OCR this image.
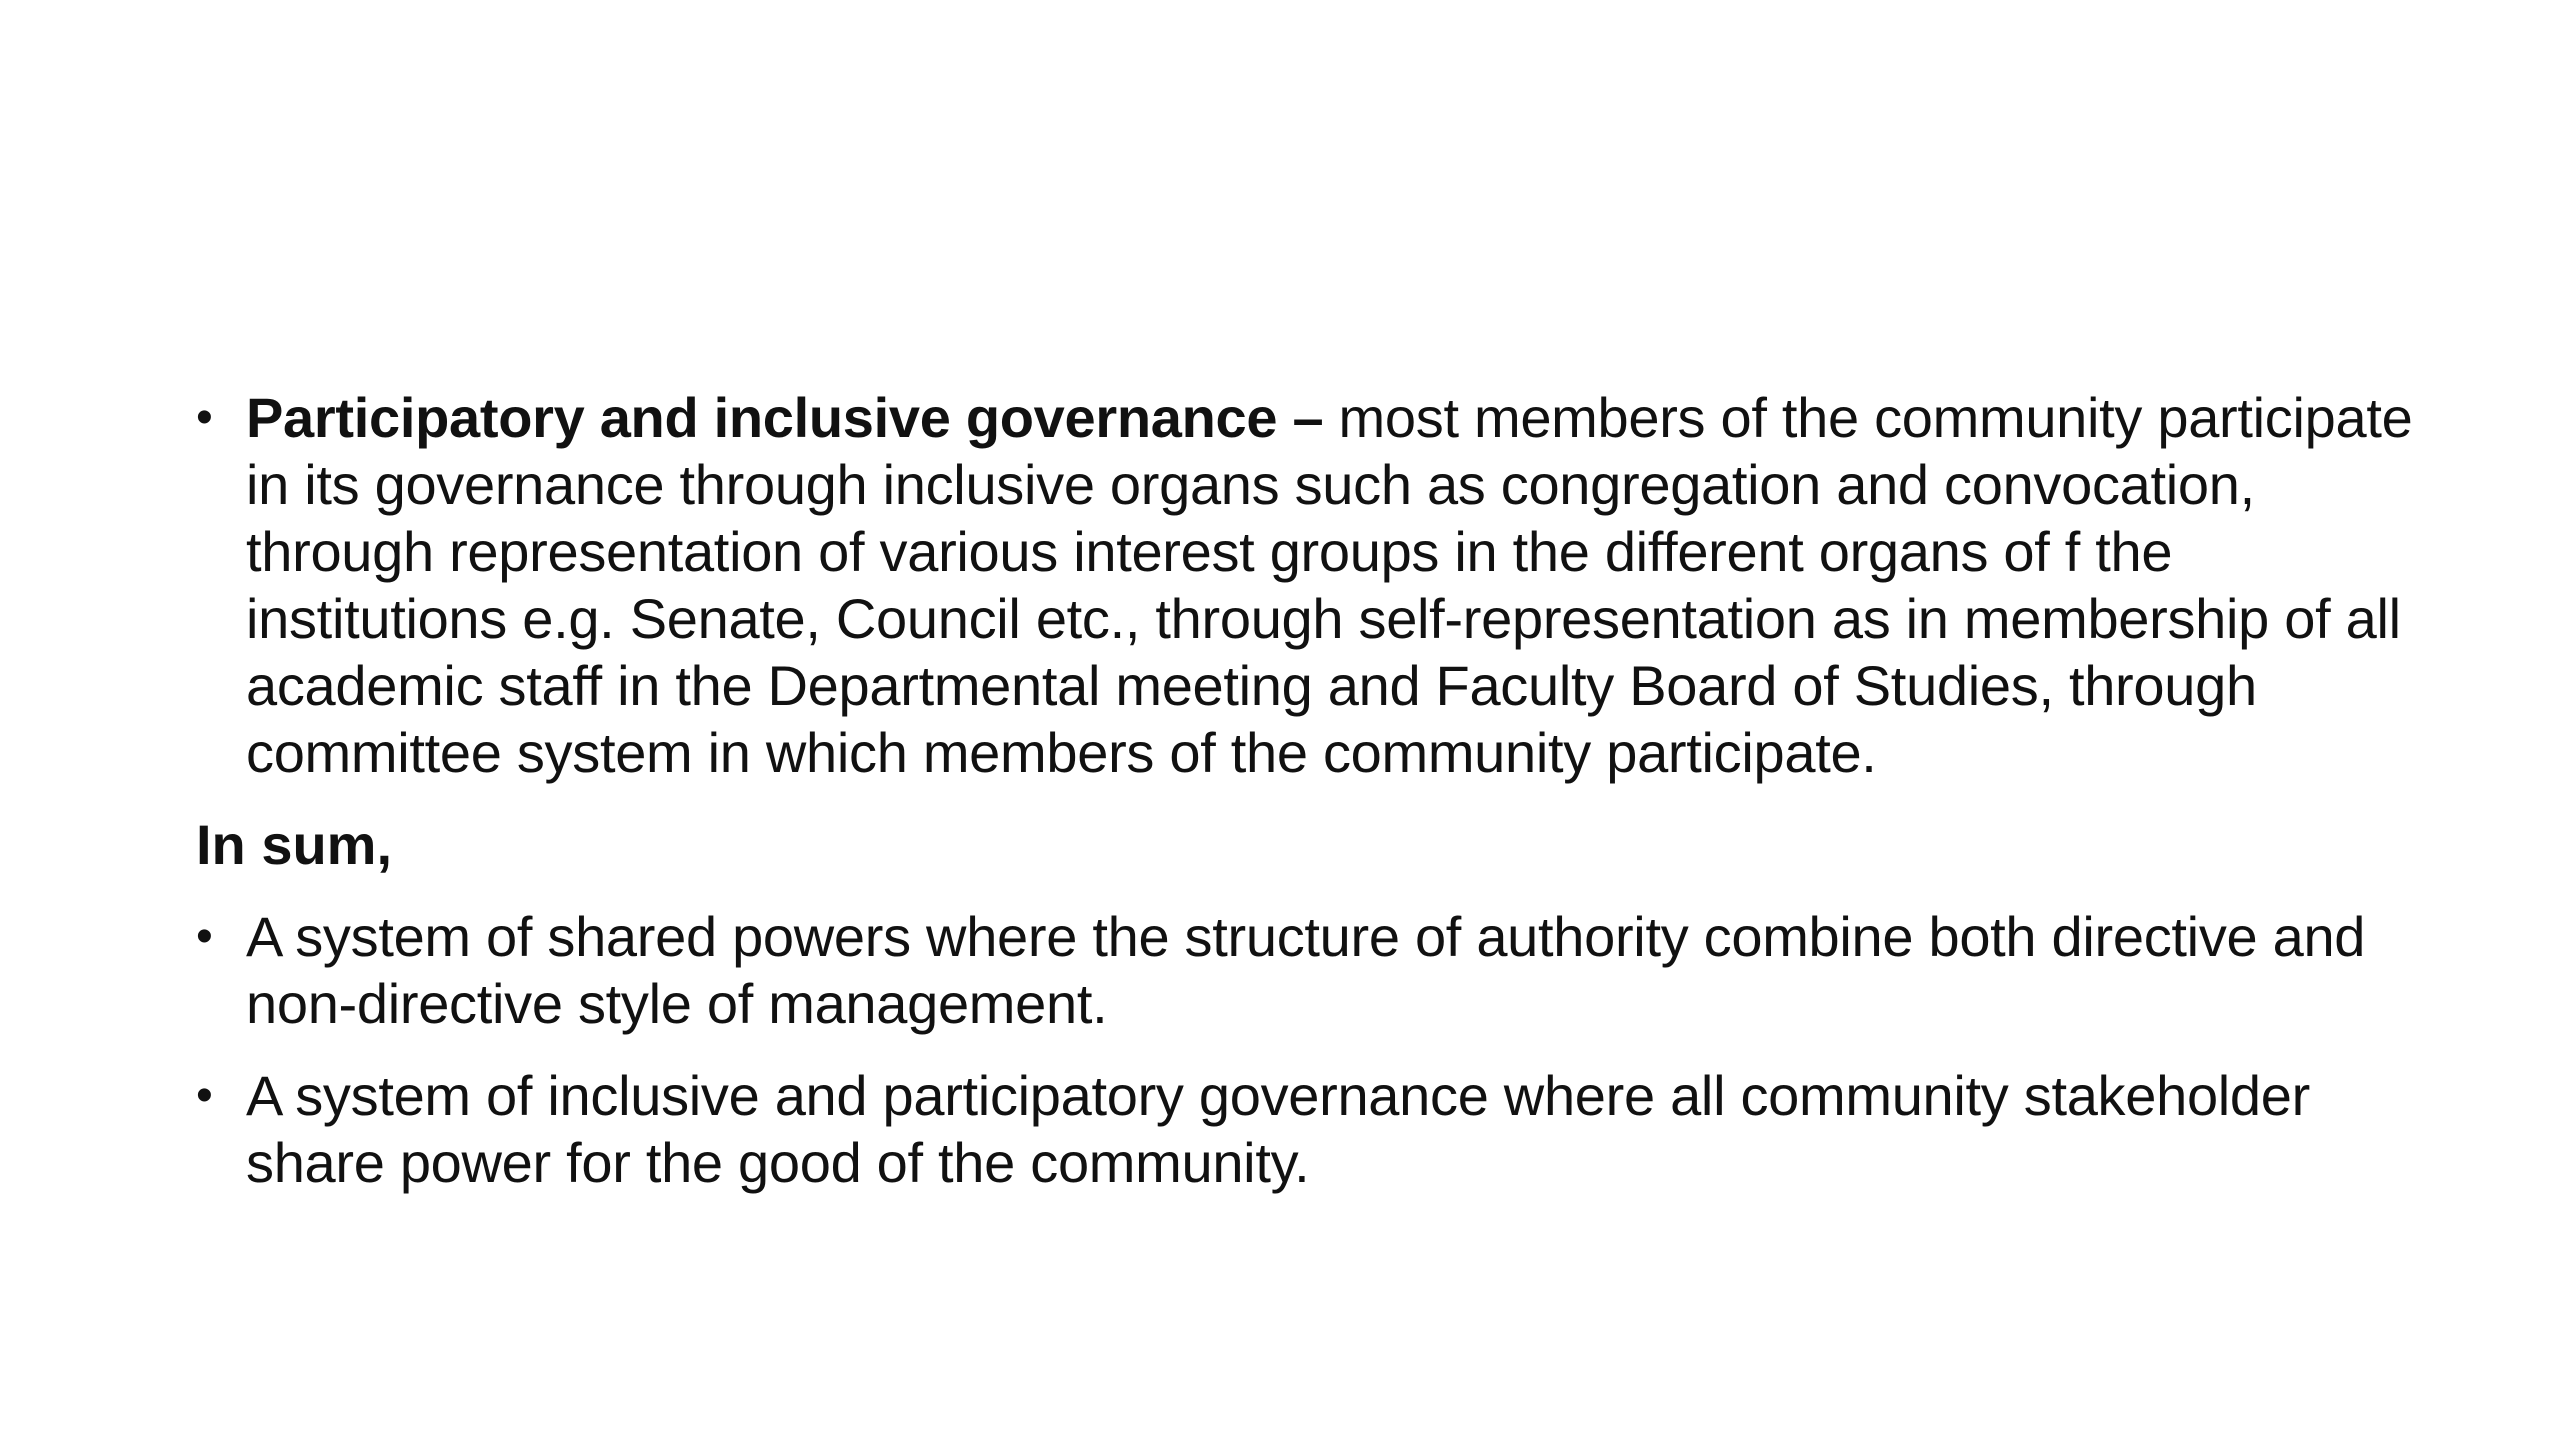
• Participatory and inclusive governance – most members of the community participate in its governance through inclusive organs such as congregation and convocation, through representation of various interest groups in the different organs of f the institutions e.g. Senate, Council etc., through self-representation as in membership of all academic staff in the Departmental meeting and Faculty Board of Studies, through committee system in which members of the community participate.
In sum,
• A system of shared powers where the structure of authority combine both directive and non-directive style of management.
• A system of inclusive and participatory governance where all community stakeholder share power for the good of the community.
